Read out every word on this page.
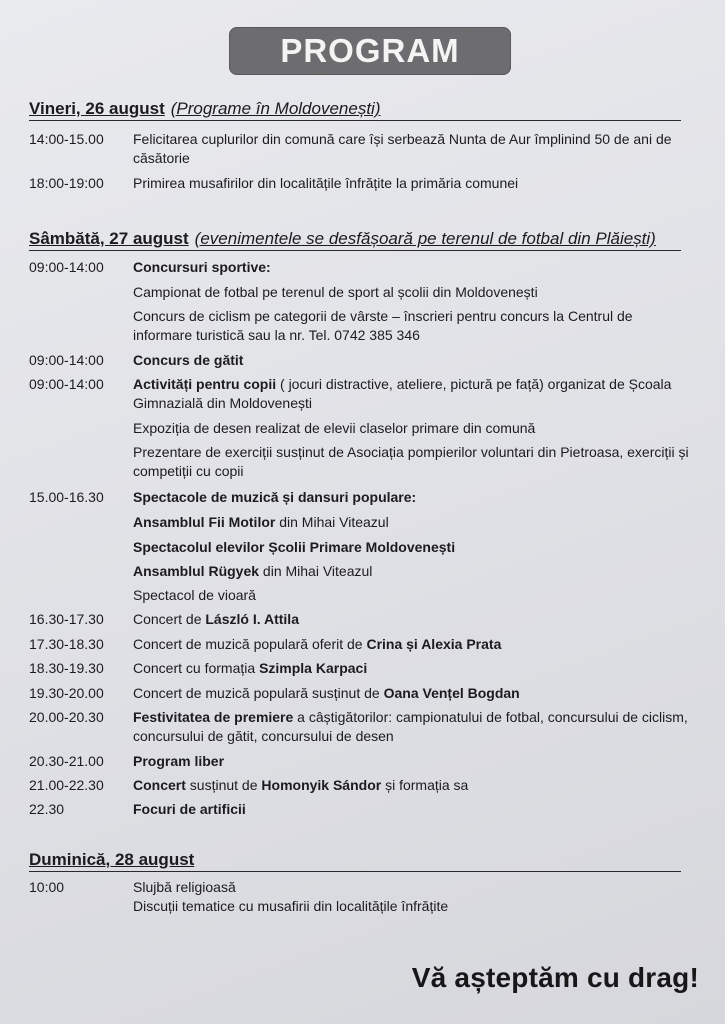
PROGRAM
Vineri, 26 august (Programe în Moldovenești)
14:00-15.00	Felicitarea cuplurilor din comună care își serbează Nunta de Aur împlinind 50 de ani de căsătorie
18:00-19:00	Primirea musafirilor din localitățile înfrățite la primăria comunei
Sâmbătă, 27 august (evenimentele se desfășoară pe terenul de fotbal din Plăiești)
09:00-14:00	Concursuri sportive:
Campionat de fotbal pe terenul de sport al școlii din Moldovenești
Concurs de ciclism pe categorii de vârste – înscrieri pentru concurs la Centrul de informare turistică sau la nr. Tel. 0742 385 346
09:00-14:00	Concurs de gătit
09:00-14:00	Activități pentru copii ( jocuri distractive, ateliere, pictură pe față) organizat de Școala Gimnazială din Moldovenești
Expoziția de desen realizat de elevii claselor primare din comună
Prezentare de exerciții susținut de Asociația pompierilor voluntari din Pietroasa, exerciții și competiții cu copii
15.00-16.30	Spectacole de muzică și dansuri populare:
Ansamblul Fii Motilor din Mihai Viteazul
Spectacolul elevilor Școlii Primare Moldovenești
Ansamblul Rügyek din Mihai Viteazul
Spectacol de vioară
16.30-17.30	Concert de László I. Attila
17.30-18.30	Concert de muzică populară oferit de Crina și Alexia Prata
18.30-19.30	Concert cu formația Szimpla Karpaci
19.30-20.00	Concert de muzică populară susținut de Oana Vențel Bogdan
20.00-20.30	Festivitatea de premiere a câștigătorilor: campionatului de fotbal, concursului de ciclism, concursului de gătit, concursului de desen
20.30-21.00	Program liber
21.00-22.30	Concert susținut de Homonyik Sándor și formația sa
22.30	Focuri de artificii
Duminică, 28 august
10:00	Slujbă religioasă
Discuții tematice cu musafirii din localitățile înfrățite
Vă așteptăm cu drag!
